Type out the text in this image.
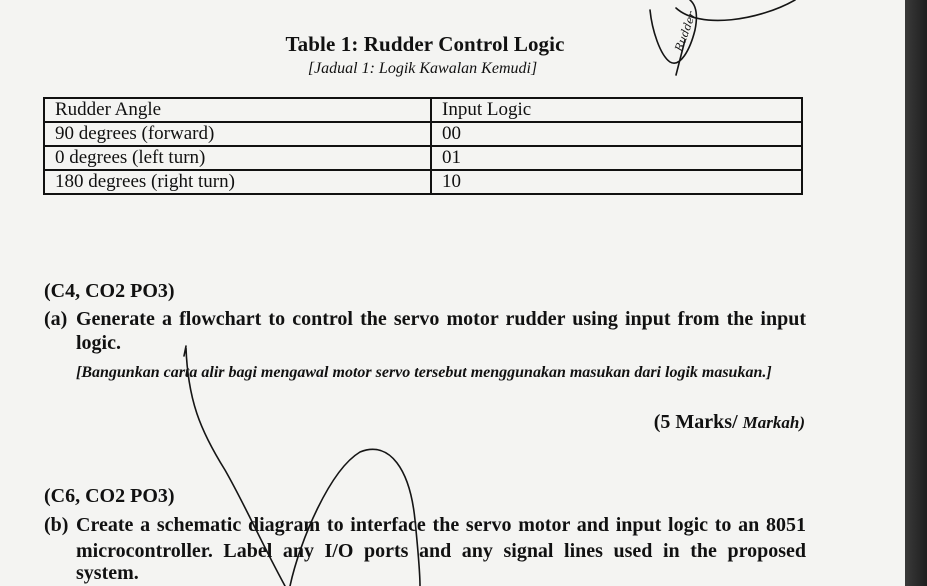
Table 1: Rudder Control Logic
[Jadual 1: Logik Kawalan Kemudi]
Rudder Angle	Input Logic
90 degrees (forward)	00
0 degrees (left turn)	01
180 degrees (right turn)	10
(C4, CO2 PO3)
(a) Generate a flowchart to control the servo motor rudder using input from the input
logic.
[Bangunkan carta alir bagi mengawal motor servo tersebut menggunakan masukan dari logik masukan.]
(5 Marks/ Markah)
(C6, CO2 PO3)
(b) Create a schematic diagram to interface the servo motor and input logic to an 8051
microcontroller. Label any I/O ports and any signal lines used in the proposed
system.
Rudder
